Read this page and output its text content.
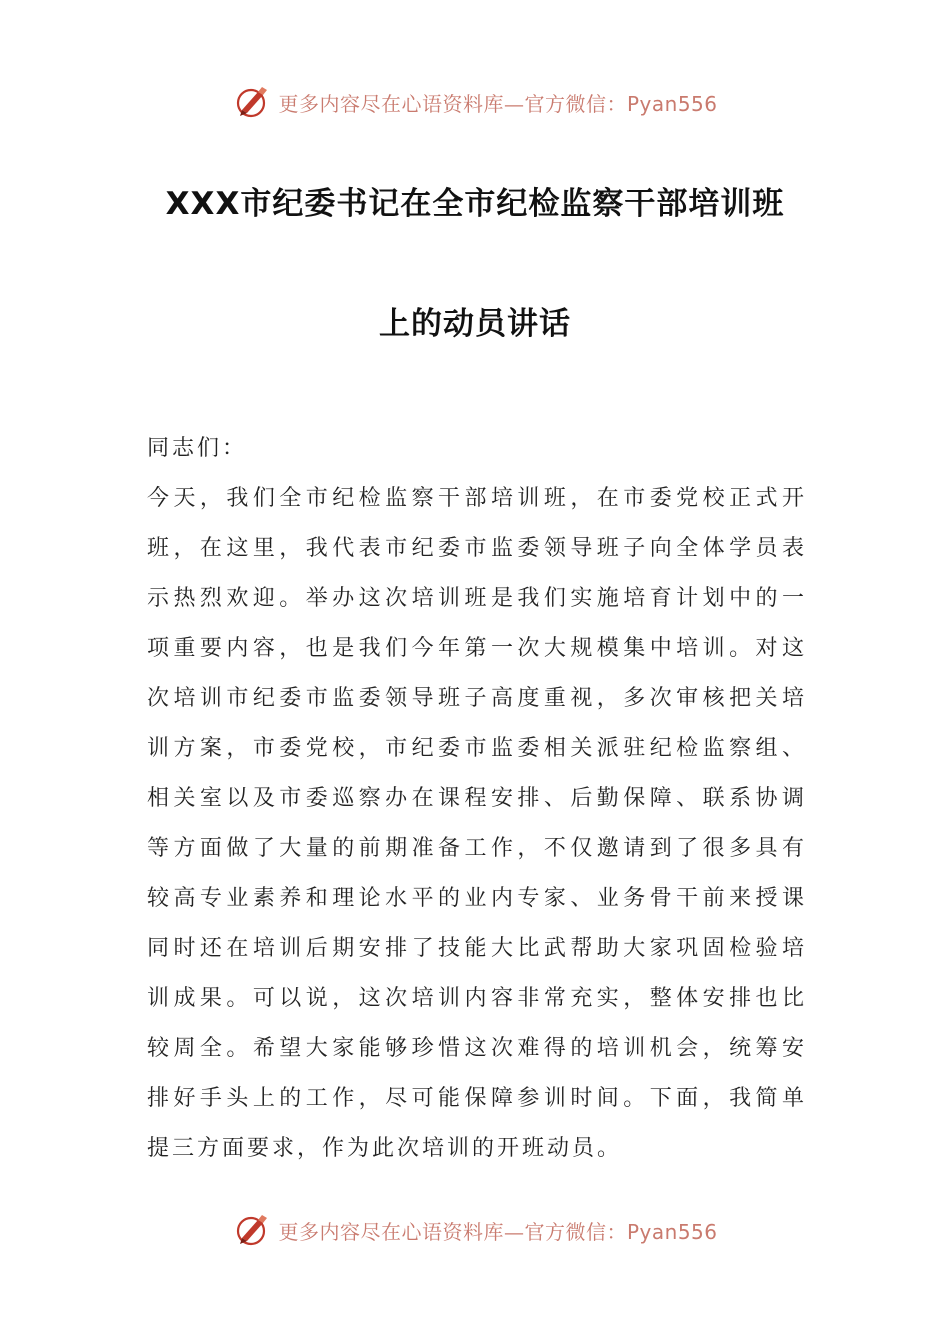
更多内容尽在心语资料库—官方微信：Pyan556
XXX市纪委书记在全市纪检监察干部培训班
上的动员讲话

同志们：

今天，我们全市纪检监察干部培训班，在市委党校正式开
班，在这里，我代表市纪委市监委领导班子向全体学员表
示热烈欢迎。举办这次培训班是我们实施培育计划中的一
项重要内容，也是我们今年第一次大规模集中培训。对这
次培训市纪委市监委领导班子高度重视，多次审核把关培
训方案，市委党校，市纪委市监委相关派驻纪检监察组、
相关室以及市委巡察办在课程安排、后勤保障、联系协调
等方面做了大量的前期准备工作，不仅邀请到了很多具有
较高专业素养和理论水平的业内专家、业务骨干前来授课
同时还在培训后期安排了技能大比武帮助大家巩固检验培
训成果。可以说，这次培训内容非常充实，整体安排也比
较周全。希望大家能够珍惜这次难得的培训机会，统筹安
排好手头上的工作，尽可能保障参训时间。下面，我简单
提三方面要求，作为此次培训的开班动员。
更多内容尽在心语资料库—官方微信：Pyan556
